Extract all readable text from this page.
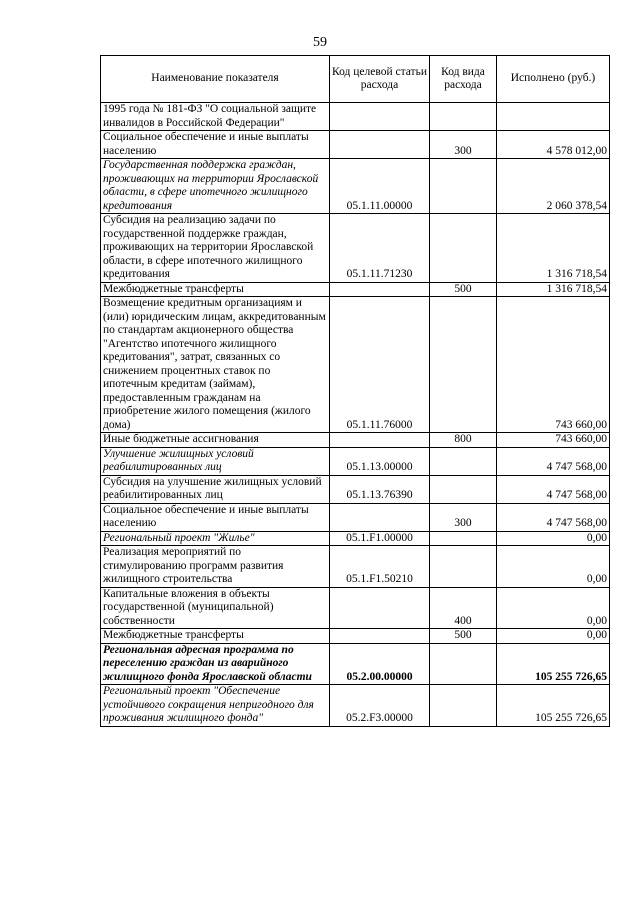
59
Наименование показателя	Код целевой статьи расхода	Код вида расхода	Исполнено (руб.)
1995 года № 181-ФЗ "О социальной защите инвалидов в Российской Федерации"			
Социальное обеспечение и иные выплаты населению		300	4 578 012,00
Государственная поддержка граждан, проживающих на территории Ярославской области, в сфере ипотечного жилищного кредитования	05.1.11.00000		2 060 378,54
Субсидия на реализацию задачи по государственной поддержке граждан, проживающих на территории Ярославской области, в сфере ипотечного жилищного кредитования	05.1.11.71230		1 316 718,54
Межбюджетные трансферты		500	1 316 718,54
Возмещение кредитным организациям и (или) юридическим лицам, аккредитованным по стандартам акционерного общества "Агентство ипотечного жилищного кредитования", затрат, связанных со снижением процентных ставок по ипотечным кредитам (займам), предоставленным гражданам на приобретение жилого помещения (жилого дома)	05.1.11.76000		743 660,00
Иные бюджетные ассигнования		800	743 660,00
Улучшение жилищных условий реабилитированных лиц	05.1.13.00000		4 747 568,00
Субсидия на улучшение жилищных условий реабилитированных лиц	05.1.13.76390		4 747 568,00
Социальное обеспечение и иные выплаты населению		300	4 747 568,00
Региональный проект "Жилье"	05.1.F1.00000		0,00
Реализация мероприятий по стимулированию программ развития жилищного строительства	05.1.F1.50210		0,00
Капитальные вложения в объекты государственной (муниципальной) собственности		400	0,00
Межбюджетные трансферты		500	0,00
Региональная адресная программа по переселению граждан из аварийного жилищного фонда Ярославской области	05.2.00.00000		105 255 726,65
Региональный проект "Обеспечение устойчивого сокращения непригодного для проживания жилищного фонда"	05.2.F3.00000		105 255 726,65
